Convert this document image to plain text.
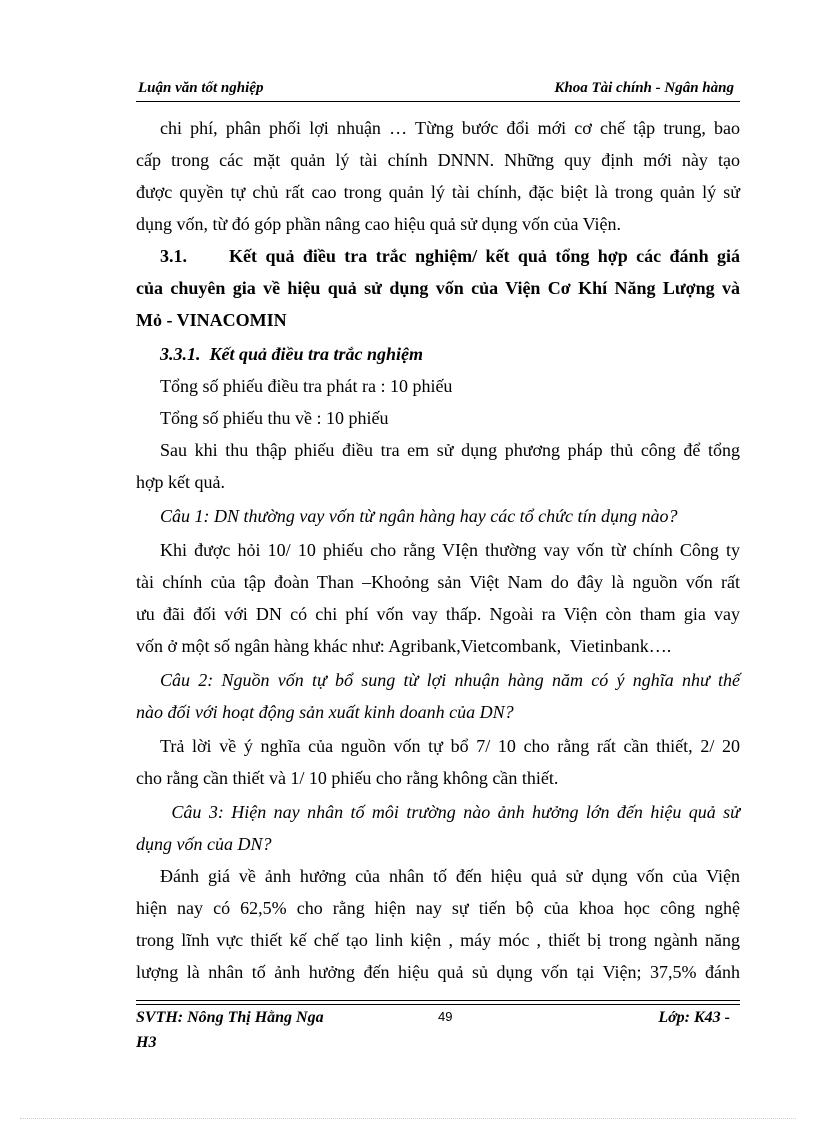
Luận văn tốt nghiệp	Khoa Tài chính - Ngân hàng
chi phí, phân phối lợi nhuận … Từng bước đổi mới cơ chế tập trung, bao
cấp trong các mặt quản lý tài chính DNNN. Những quy định mới này tạo
được quyền tự chủ rất cao trong quản lý tài chính, đặc biệt là trong quản lý sử
dụng vốn, từ đó góp phần nâng cao hiệu quả sử dụng vốn của Viện.
3.1.     Kết quả điều tra trắc nghiệm/ kết quả tổng hợp các đánh giá
của chuyên gia về hiệu quả sử dụng vốn của Viện Cơ Khí Năng Lượng và
Mỏ - VINACOMIN
3.3.1.  Kết quả điều tra trắc nghiệm
Tổng số phiếu điều tra phát ra : 10 phiếu
Tổng số phiếu thu về : 10 phiếu
Sau khi thu thập phiếu điều tra em sử dụng phương pháp thủ công để tổng
hợp kết quả.
Câu 1: DN thường vay vốn từ ngân hàng hay các tổ chức tín dụng nào?
Khi được hỏi 10/ 10 phiếu cho rằng VIện thường vay vốn từ chính Công ty
tài chính của tập đoàn Than –Khoỏng sản Việt Nam do đây là nguồn vốn rất
ưu đãi đối với DN có chi phí vốn vay thấp. Ngoài ra Viện còn tham gia vay
vốn ở một số ngân hàng khác như: Agribank,Vietcombank,  Vietinbank….
Câu 2: Nguồn vốn tự bổ sung từ lợi nhuận hàng năm có ý nghĩa như thế
nào đối với hoạt động sản xuất kinh doanh của DN?
Trả lời về ý nghĩa của nguồn vốn tự bổ 7/ 10 cho rằng rất cần thiết, 2/ 20
cho rằng cần thiết và 1/ 10 phiếu cho rằng không cần thiết.
Câu 3: Hiện nay nhân tố môi trường nào ảnh hưởng lớn đến hiệu quả sử
dụng vốn của DN?
Đánh giá về ảnh hưởng của nhân tố đến hiệu quả sử dụng vốn của Viện
hiện nay có 62,5% cho rằng hiện nay sự tiến bộ của khoa học công nghệ
trong lĩnh vực thiết kế chế tạo linh kiện , máy móc , thiết bị trong ngành năng
lượng là nhân tố ảnh hưởng đến hiệu quả sủ dụng vốn tại Viện; 37,5% đánh
SVTH: Nông Thị Hằng Nga	49	Lớp: K43 -
H3
